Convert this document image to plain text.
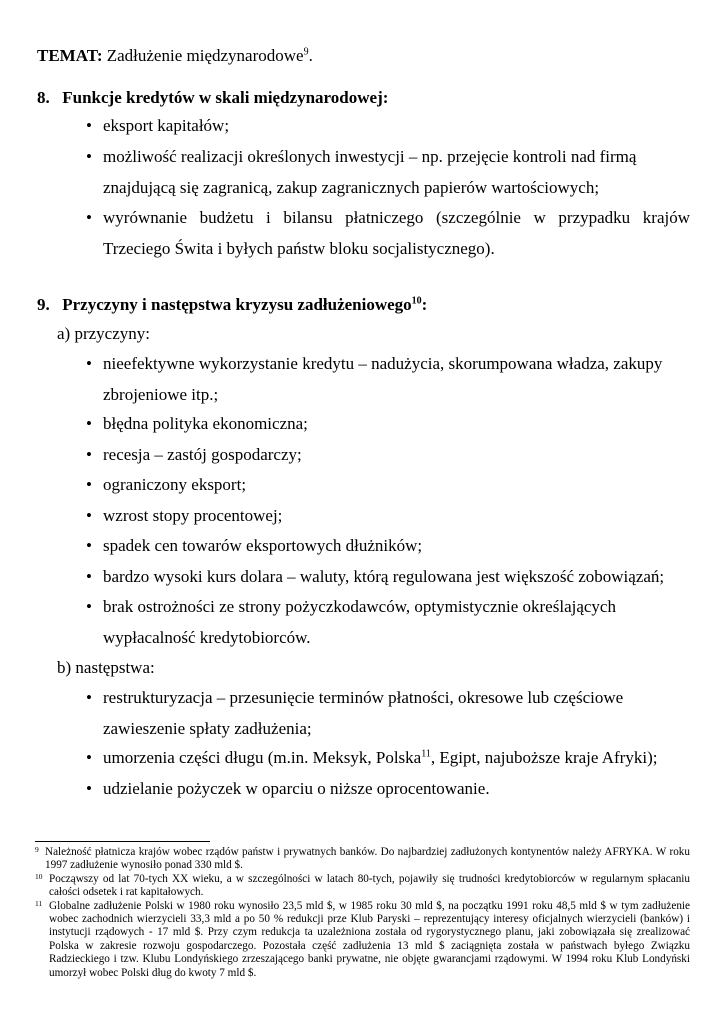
TEMAT: Zadłużenie międzynarodowe$^9$.
8. Funkcje kredytów w skali międzynarodowej:
• eksport kapitałów;
• możliwość realizacji określonych inwestycji – np. przejęcie kontroli nad firmą znajdującą się zagranicą, zakup zagranicznych papierów wartościowych;
• wyrównanie budżetu i bilansu płatniczego (szczególnie w przypadku krajów Trzeciego Świta i byłych państw bloku socjalistycznego).
9. Przyczyny i następstwa kryzysu zadłużeniowego$^{10}$:
a) przyczyny:
• nieefektywne wykorzystanie kredytu – nadużycia, skorumpowana władza, zakupy zbrojeniowe itp.;
• błędna polityka ekonomiczna;
• recesja – zastój gospodarczy;
• ograniczony eksport;
• wzrost stopy procentowej;
• spadek cen towarów eksportowych dłużników;
• bardzo wysoki kurs dolara – waluty, którą regulowana jest większość zobowiązań;
• brak ostrożności ze strony pożyczkodawców, optymistycznie określających wypłacalność kredytobiorców.
b) następstwa:
• restrukturyzacja – przesunięcie terminów płatności, okresowe lub częściowe zawieszenie spłaty zadłużenia;
• umorzenia części długu (m.in. Meksyk, Polska$^{11}$, Egipt, najuboższe kraje Afryki);
• udzielanie pożyczek w oparciu o niższe oprocentowanie.
9 Należność płatnicza krajów wobec rządów państw i prywatnych banków. Do najbardziej zadłużonych kontynentów należy AFRYKA. W roku 1997 zadłużenie wynosiło ponad 330 mld $.
10 Począwszy od lat 70-tych XX wieku, a w szczególności w latach 80-tych, pojawiły się trudności kredytobiorców w regularnym spłacaniu całości odsetek i rat kapitałowych.
11 Globalne zadłużenie Polski w 1980 roku wynosiło 23,5 mld $, w 1985 roku 30 mld $, na początku 1991 roku 48,5 mld $ w tym zadłużenie wobec zachodnich wierzycieli 33,3 mld a po 50 % redukcji prze Klub Paryski – reprezentujący interesy oficjalnych wierzycieli (banków) i instytucji rządowych - 17 mld $. Przy czym redukcja ta uzależniona została od rygorystycznego planu, jaki zobowiązała się zrealizować Polska w zakresie rozwoju gospodarczego. Pozostała część zadłużenia 13 mld $ zaciągnięta została w państwach byłego Związku Radzieckiego i tzw. Klubu Londyńskiego zrzeszającego banki prywatne, nie objęte gwarancjami rządowymi. W 1994 roku Klub Londyński umorzył wobec Polski dług do kwoty 7 mld $.
